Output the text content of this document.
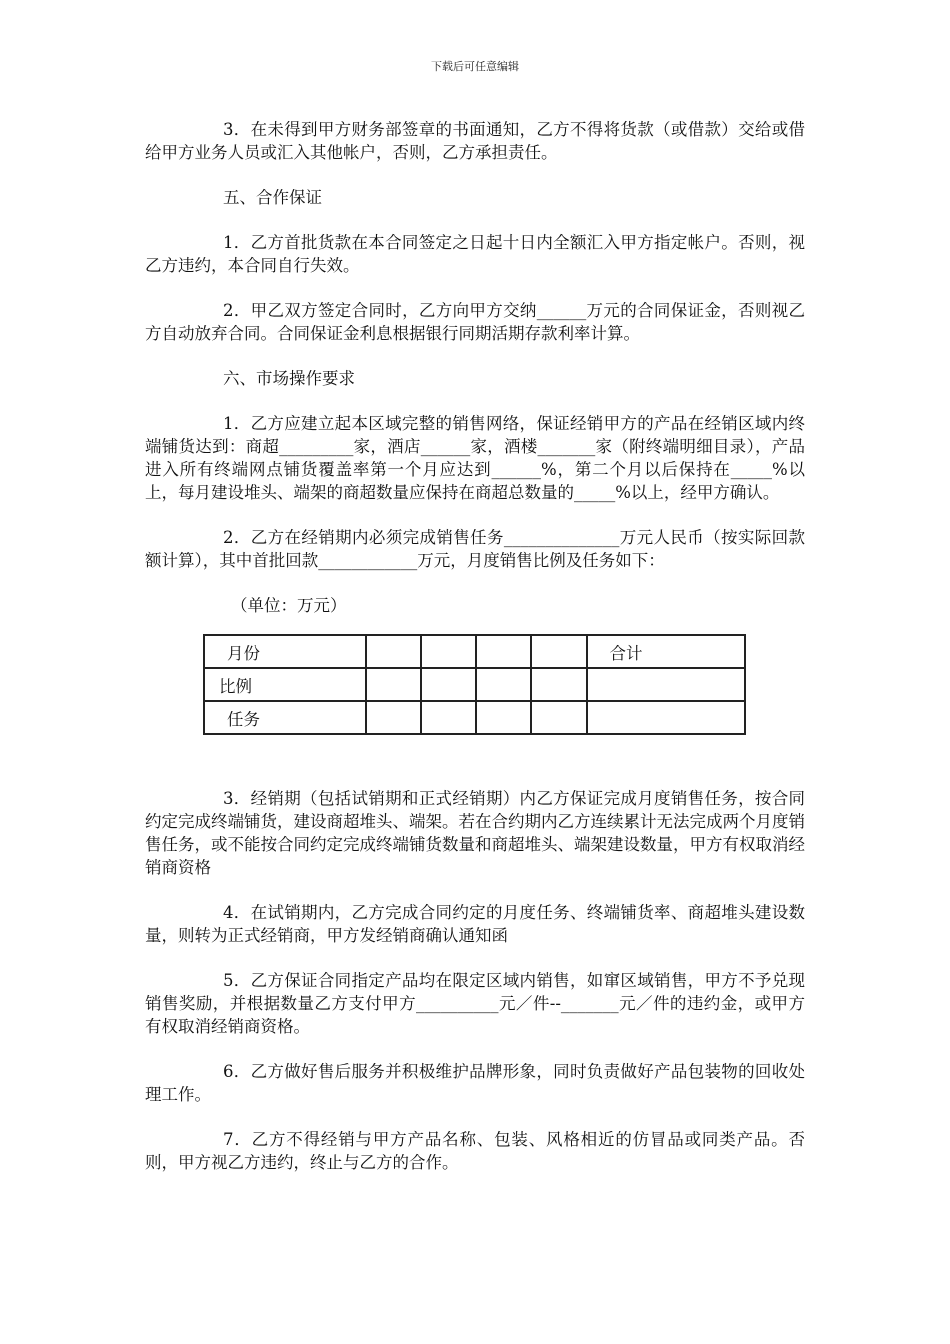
下载后可任意编辑

3．在未得到甲方财务部签章的书面通知，乙方不得将货款（或借款）交给或借给甲方业务人员或汇入其他帐户，否则，乙方承担责任。

五、合作保证

1．乙方首批货款在本合同签定之日起十日内全额汇入甲方指定帐户。否则，视乙方违约，本合同自行失效。

2．甲乙双方签定合同时，乙方向甲方交纳______万元的合同保证金，否则视乙方自动放弃合同。合同保证金利息根据银行同期活期存款利率计算。

六、市场操作要求

1．乙方应建立起本区域完整的销售网络，保证经销甲方的产品在经销区域内终端铺货达到：商超_________家，酒店______家，酒楼_______家（附终端明细目录），产品进入所有终端网点铺货覆盖率第一个月应达到______%，第二个月以后保持在_____%以上，每月建设堆头、端架的商超数量应保持在商超总数量的_____%以上，经甲方确认。

2．乙方在经销期内必须完成销售任务______________万元人民币（按实际回款额计算），其中首批回款____________万元，月度销售比例及任务如下：

（单位：万元）

月份					合计
比例					
任务					

3．经销期（包括试销期和正式经销期）内乙方保证完成月度销售任务，按合同约定完成终端铺货，建设商超堆头、端架。若在合约期内乙方连续累计无法完成两个月度销售任务，或不能按合同约定完成终端铺货数量和商超堆头、端架建设数量，甲方有权取消经销商资格

4．在试销期内，乙方完成合同约定的月度任务、终端铺货率、商超堆头建设数量，则转为正式经销商，甲方发经销商确认通知函

5．乙方保证合同指定产品均在限定区域内销售，如窜区域销售，甲方不予兑现销售奖励，并根据数量乙方支付甲方__________元／件--_______元／件的违约金，或甲方有权取消经销商资格。

6．乙方做好售后服务并积极维护品牌形象，同时负责做好产品包装物的回收处理工作。

7．乙方不得经销与甲方产品名称、包装、风格相近的仿冒品或同类产品。否则，甲方视乙方违约，终止与乙方的合作。
